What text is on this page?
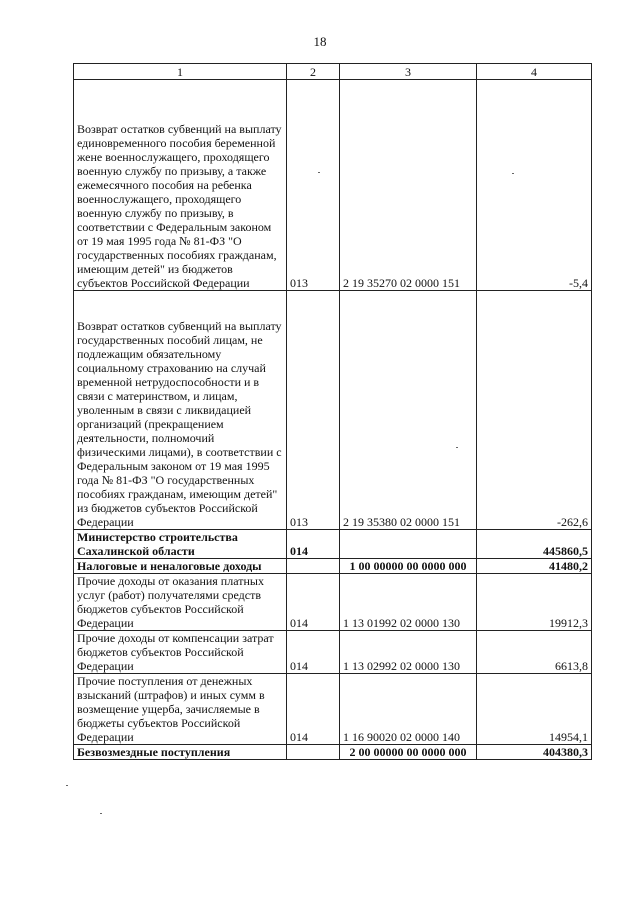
18
1	2	3	4
Возврат остатков субвенций на выплату единовременного пособия беременной жене военнослужащего, проходящего военную службу по призыву, а также ежемесячного пособия на ребенка военнослужащего, проходящего военную службу по призыву, в соответствии с Федеральным законом от 19 мая 1995 года № 81-ФЗ "О государственных пособиях гражданам, имеющим детей" из бюджетов субъектов Российской Федерации	013	2 19 35270 02 0000 151	-5,4
Возврат остатков субвенций на выплату государственных пособий лицам, не подлежащим обязательному социальному страхованию на случай временной нетрудоспособности и в связи с материнством, и лицам, уволенным в связи с ликвидацией организаций (прекращением деятельности, полномочий физическими лицами), в соответствии с Федеральным законом от 19 мая 1995 года № 81-ФЗ "О государственных пособиях гражданам, имеющим детей" из бюджетов субъектов Российской Федерации	013	2 19 35380 02 0000 151	-262,6
Министерство строительства Сахалинской области	014		445860,5
Налоговые и неналоговые доходы		1 00 00000 00 0000 000	41480,2
Прочие доходы от оказания платных услуг (работ) получателями средств бюджетов субъектов Российской Федерации	014	1 13 01992 02 0000 130	19912,3
Прочие доходы от компенсации затрат бюджетов субъектов Российской Федерации	014	1 13 02992 02 0000 130	6613,8
Прочие поступления от денежных взысканий (штрафов) и иных сумм в возмещение ущерба, зачисляемые в бюджеты субъектов Российской Федерации	014	1 16 90020 02 0000 140	14954,1
Безвозмездные поступления		2 00 00000 00 0000 000	404380,3
